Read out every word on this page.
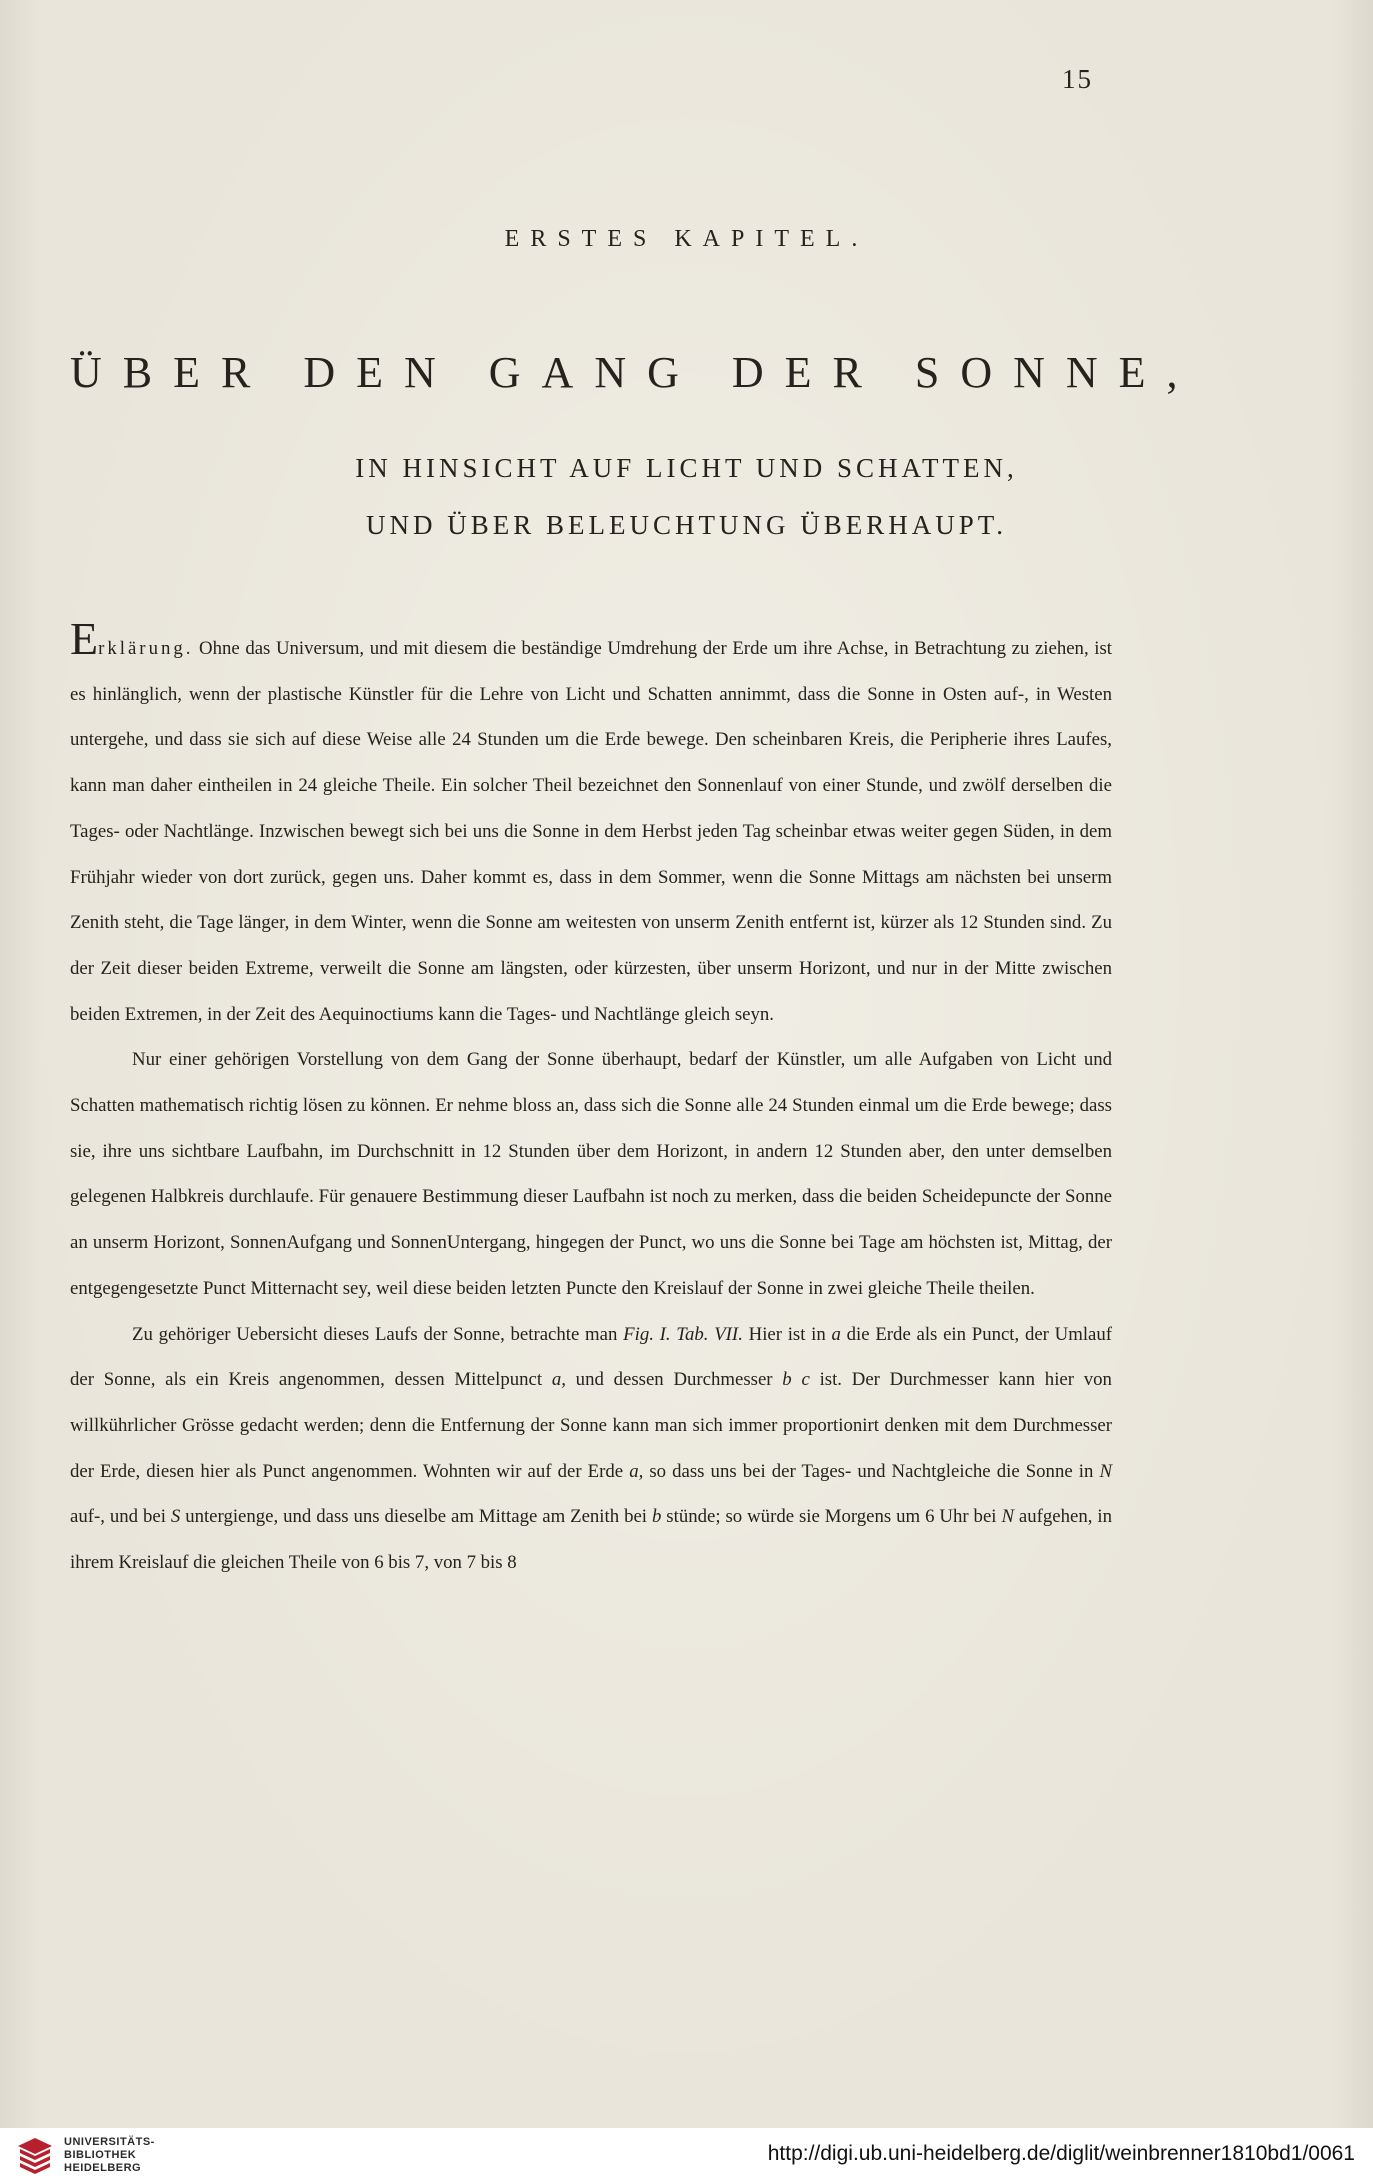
15
ERSTES KAPITEL.
ÜBER DEN GANG DER SONNE,
IN HINSICHT AUF LICHT UND SCHATTEN,
UND ÜBER BELEUCHTUNG ÜBERHAUPT.

Erklärung. Ohne das Universum, und mit diesem die beständige Umdrehung der Erde um ihre Achse, in Betrachtung zu ziehen, ist es hinlänglich, wenn der plastische Künstler für die Lehre von Licht und Schatten annimmt, dass die Sonne in Osten auf-, in Westen untergehe, und dass sie sich auf diese Weise alle 24 Stunden um die Erde bewege. Den scheinbaren Kreis, die Peripherie ihres Laufes, kann man daher eintheilen in 24 gleiche Theile. Ein solcher Theil bezeichnet den Sonnenlauf von einer Stunde, und zwölf derselben die Tages- oder Nachtlänge. Inzwischen bewegt sich bei uns die Sonne in dem Herbst jeden Tag scheinbar etwas weiter gegen Süden, in dem Frühjahr wieder von dort zurück, gegen uns. Daher kommt es, dass in dem Sommer, wenn die Sonne Mittags am nächsten bei unserm Zenith steht, die Tage länger, in dem Winter, wenn die Sonne am weitesten von unserm Zenith entfernt ist, kürzer als 12 Stunden sind. Zu der Zeit dieser beiden Extreme, verweilt die Sonne am längsten, oder kürzesten, über unserm Horizont, und nur in der Mitte zwischen beiden Extremen, in der Zeit des Aequinoctiums kann die Tages- und Nachtlänge gleich seyn.

Nur einer gehörigen Vorstellung von dem Gang der Sonne überhaupt, bedarf der Künstler, um alle Aufgaben von Licht und Schatten mathematisch richtig lösen zu können. Er nehme bloss an, dass sich die Sonne alle 24 Stunden einmal um die Erde bewege; dass sie, ihre uns sichtbare Laufbahn, im Durchschnitt in 12 Stunden über dem Horizont, in andern 12 Stunden aber, den unter demselben gelegenen Halbkreis durchlaufe. Für genauere Bestimmung dieser Laufbahn ist noch zu merken, dass die beiden Scheidepuncte der Sonne an unserm Horizont, SonnenAufgang und SonnenUntergang, hingegen der Punct, wo uns die Sonne bei Tage am höchsten ist, Mittag, der entgegengesetzte Punct Mitternacht sey, weil diese beiden letzten Puncte den Kreislauf der Sonne in zwei gleiche Theile theilen.

Zu gehöriger Uebersicht dieses Laufs der Sonne, betrachte man Fig. I. Tab. VII. Hier ist in a die Erde als ein Punct, der Umlauf der Sonne, als ein Kreis angenommen, dessen Mittelpunct a, und dessen Durchmesser b c ist. Der Durchmesser kann hier von willkührlicher Grösse gedacht werden; denn die Entfernung der Sonne kann man sich immer proportionirt denken mit dem Durchmesser der Erde, diesen hier als Punct angenommen. Wohnten wir auf der Erde a, so dass uns bei der Tages- und Nachtgleiche die Sonne in N auf-, und bei S untergienge, und dass uns dieselbe am Mittage am Zenith bei b stünde; so würde sie Morgens um 6 Uhr bei N aufgehen, in ihrem Kreislauf die gleichen Theile von 6 bis 7, von 7 bis 8

UNIVERSITÄTS-
BIBLIOTHEK
HEIDELBERG
http://digi.ub.uni-heidelberg.de/diglit/weinbrenner1810bd1/0061
